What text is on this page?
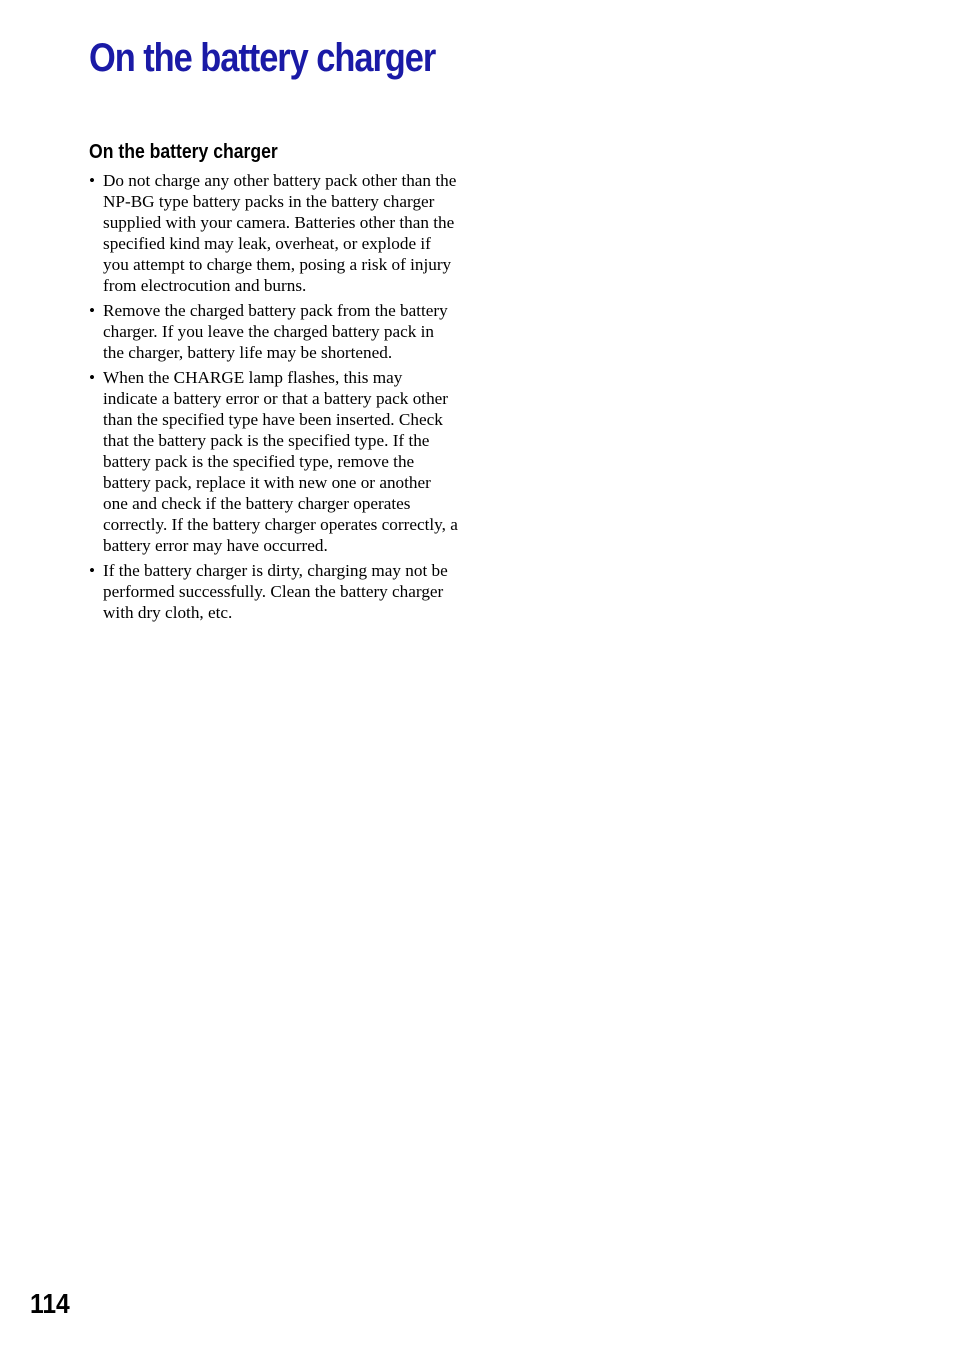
On the battery charger
On the battery charger
• Do not charge any other battery pack other than the NP-BG type battery packs in the battery charger supplied with your camera. Batteries other than the specified kind may leak, overheat, or explode if you attempt to charge them, posing a risk of injury from electrocution and burns.
• Remove the charged battery pack from the battery charger. If you leave the charged battery pack in the charger, battery life may be shortened.
• When the CHARGE lamp flashes, this may indicate a battery error or that a battery pack other than the specified type have been inserted. Check that the battery pack is the specified type. If the battery pack is the specified type, remove the battery pack, replace it with new one or another one and check if the battery charger operates correctly. If the battery charger operates correctly, a battery error may have occurred.
• If the battery charger is dirty, charging may not be performed successfully. Clean the battery charger with dry cloth, etc.
114
